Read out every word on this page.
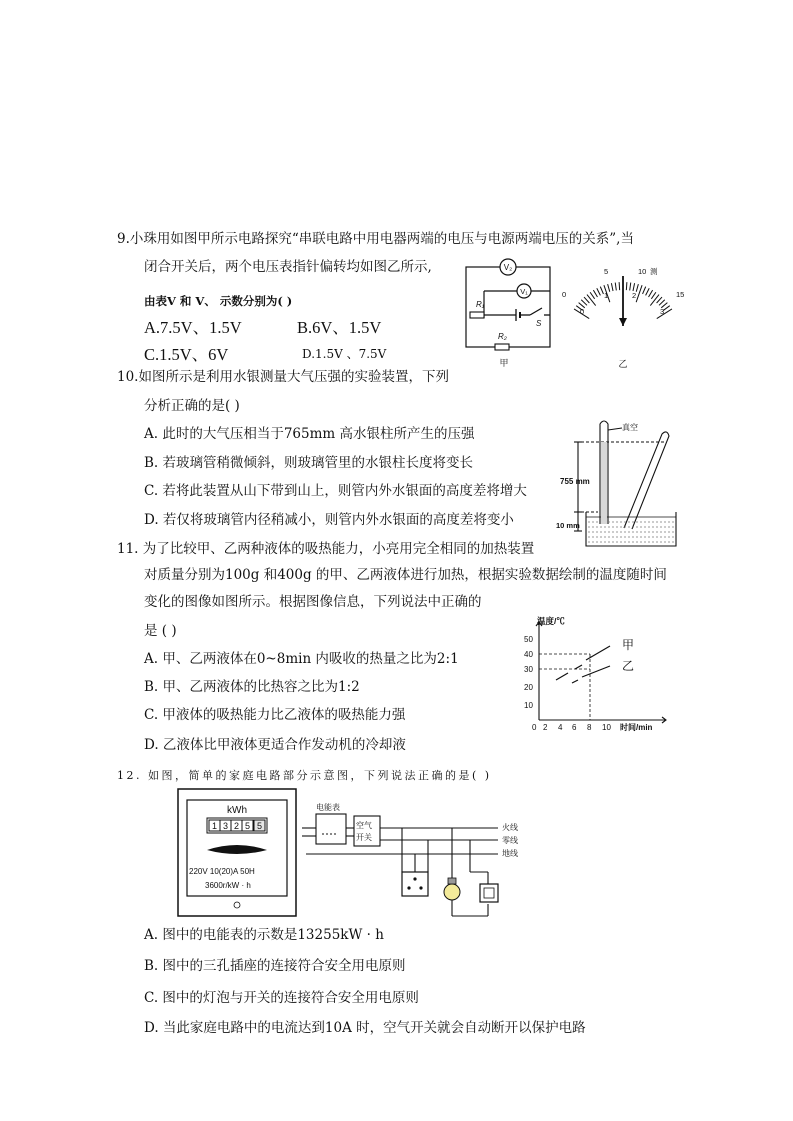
9.小珠用如图甲所示电路探究“串联电路中用电器两端的电压与电源两端电压的关系”,当
闭合开关后，两个电压表指针偏转均如图乙所示,
由表V 和 V、 示数分别为( )
A.7.5V、1.5V	B.6V、1.5V
C.1.5V、6V	D.1.5V 、7.5V
V₂
V₁
R₁
S
R₂
甲
5	10 测
0	15
0
1	2
3
乙
10.如图所示是利用水银测量大气压强的实验装置，下列
分析正确的是( )
A. 此时的大气压相当于765mm 高水银柱所产生的压强
B. 若玻璃管稍微倾斜，则玻璃管里的水银柱长度将变长
C. 若将此装置从山下带到山上，则管内外水银面的高度差将增大
D. 若仅将玻璃管内径稍减小，则管内外水银面的高度差将变小
真空
755 mm
10 mm
11. 为了比较甲、乙两种液体的吸热能力，小亮用完全相同的加热装置
对质量分别为100g 和400g 的甲、乙两液体进行加热，根据实验数据绘制的温度随时间
变化的图像如图所示。根据图像信息，下列说法中正确的
是 ( )
A. 甲、乙两液体在0~8min 内吸收的热量之比为2:1
B. 甲、乙两液体的比热容之比为1:2
C. 甲液体的吸热能力比乙液体的吸热能力强
D. 乙液体比甲液体更适合作发动机的冷却液
温度/℃
10
20
30
40
50
0 2 4 6 8 10 时间/min
甲
乙
12. 如图，简单的家庭电路部分示意图，下列说法正确的是( )
kWh
1 3 2 5 5
220V 10(20)A 50H
3600r/kW · h
电能表
空气
开关
火线
零线
地线
A. 图中的电能表的示数是13255kW · h
B. 图中的三孔插座的连接符合安全用电原则
C. 图中的灯泡与开关的连接符合安全用电原则
D. 当此家庭电路中的电流达到10A 时，空气开关就会自动断开以保护电路
